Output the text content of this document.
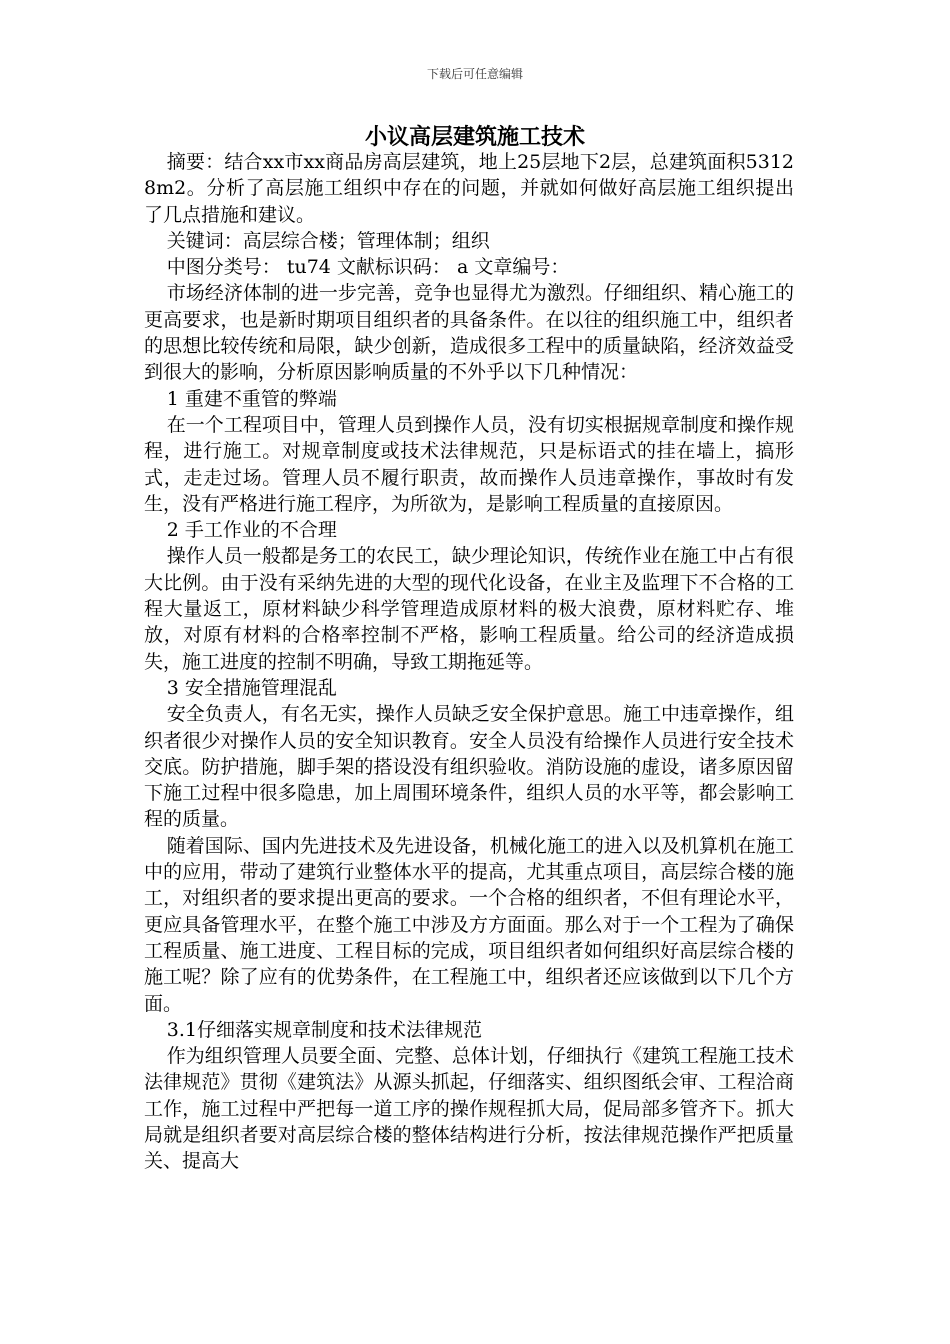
下载后可任意编辑
小议高层建筑施工技术

摘要：结合xx市xx商品房高层建筑，地上25层地下2层，总建筑面积53128m2。分析了高层施工组织中存在的问题，并就如何做好高层施工组织提出了几点措施和建议。

关键词：高层综合楼；管理体制；组织

中图分类号： tu74 文献标识码： a 文章编号：

市场经济体制的进一步完善，竞争也显得尤为激烈。仔细组织、精心施工的更高要求，也是新时期项目组织者的具备条件。在以往的组织施工中，组织者的思想比较传统和局限，缺少创新，造成很多工程中的质量缺陷，经济效益受到很大的影响，分析原因影响质量的不外乎以下几种情况：

1 重建不重管的弊端

在一个工程项目中，管理人员到操作人员，没有切实根据规章制度和操作规程，进行施工。对规章制度或技术法律规范，只是标语式的挂在墙上，搞形式，走走过场。管理人员不履行职责，故而操作人员违章操作，事故时有发生，没有严格进行施工程序，为所欲为，是影响工程质量的直接原因。

2 手工作业的不合理

操作人员一般都是务工的农民工，缺少理论知识，传统作业在施工中占有很大比例。由于没有采纳先进的大型的现代化设备，在业主及监理下不合格的工程大量返工，原材料缺少科学管理造成原材料的极大浪费，原材料贮存、堆放，对原有材料的合格率控制不严格，影响工程质量。给公司的经济造成损失，施工进度的控制不明确，导致工期拖延等。

3 安全措施管理混乱

安全负责人，有名无实，操作人员缺乏安全保护意思。施工中违章操作，组织者很少对操作人员的安全知识教育。安全人员没有给操作人员进行安全技术交底。防护措施，脚手架的搭设没有组织验收。消防设施的虚设，诸多原因留下施工过程中很多隐患，加上周围环境条件，组织人员的水平等，都会影响工程的质量。

随着国际、国内先进技术及先进设备，机械化施工的进入以及机算机在施工中的应用，带动了建筑行业整体水平的提高，尤其重点项目，高层综合楼的施工，对组织者的要求提出更高的要求。一个合格的组织者，不但有理论水平，更应具备管理水平，在整个施工中涉及方方面面。那么对于一个工程为了确保工程质量、施工进度、工程目标的完成，项目组织者如何组织好高层综合楼的施工呢？除了应有的优势条件，在工程施工中，组织者还应该做到以下几个方面。

3.1仔细落实规章制度和技术法律规范

作为组织管理人员要全面、完整、总体计划，仔细执行《建筑工程施工技术法律规范》贯彻《建筑法》从源头抓起，仔细落实、组织图纸会审、工程洽商工作，施工过程中严把每一道工序的操作规程抓大局，促局部多管齐下。抓大局就是组织者要对高层综合楼的整体结构进行分析，按法律规范操作严把质量关、提高大
